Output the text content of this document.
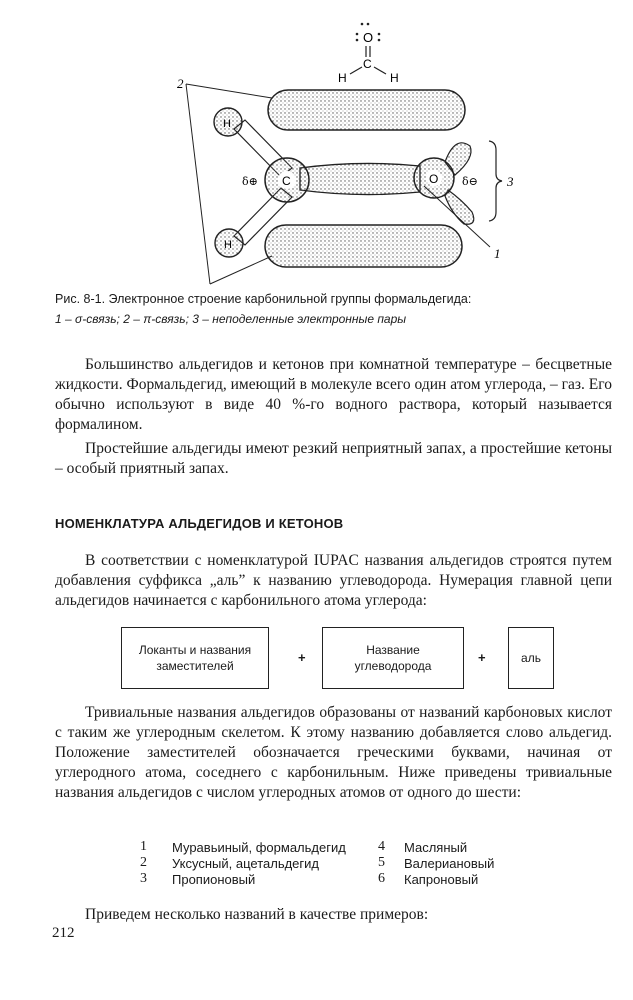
O
C
H	H
H
H
C	O
δ⊕	δ⊖
2
3
1
Рис. 8-1. Электронное строение карбонильной группы формальдегида:
1 – σ-связь; 2 – π-связь; 3 – неподеленные электронные пары

Большинство альдегидов и кетонов при комнатной температуре – бесцветные жидкости. Формальдегид, имеющий в молекуле всего один атом углерода, – газ. Его обычно используют в виде 40 %-го водного раствора, который называется формалином.

Простейшие альдегиды имеют резкий неприятный запах, а простейшие кетоны – особый приятный запах.

НОМЕНКЛАТУРА АЛЬДЕГИДОВ И КЕТОНОВ

В соответствии с номенклатурой IUPAC названия альдегидов строятся путем добавления суффикса „аль” к названию углеводорода. Нумерация главной цепи альдегидов начинается с карбонильного атома углерода:

Локанты и названия
заместителей
+	Название
углеводорода
+	аль

Тривиальные названия альдегидов образованы от названий карбоновых кислот с таким же углеродным скелетом. К этому названию добавляется слово альдегид. Положение заместителей обозначается греческими буквами, начиная от углеродного атома, соседнего с карбонильным. Ниже приведены тривиальные названия альдегидов с числом углеродных атомов от одного до шести:

1 Муравьиный, формальдегид
2 Уксусный, ацетальдегид
3 Пропионовый
4 Масляный
5 Валериановый
6 Капроновый

Приведем несколько названий в качестве примеров:

212
